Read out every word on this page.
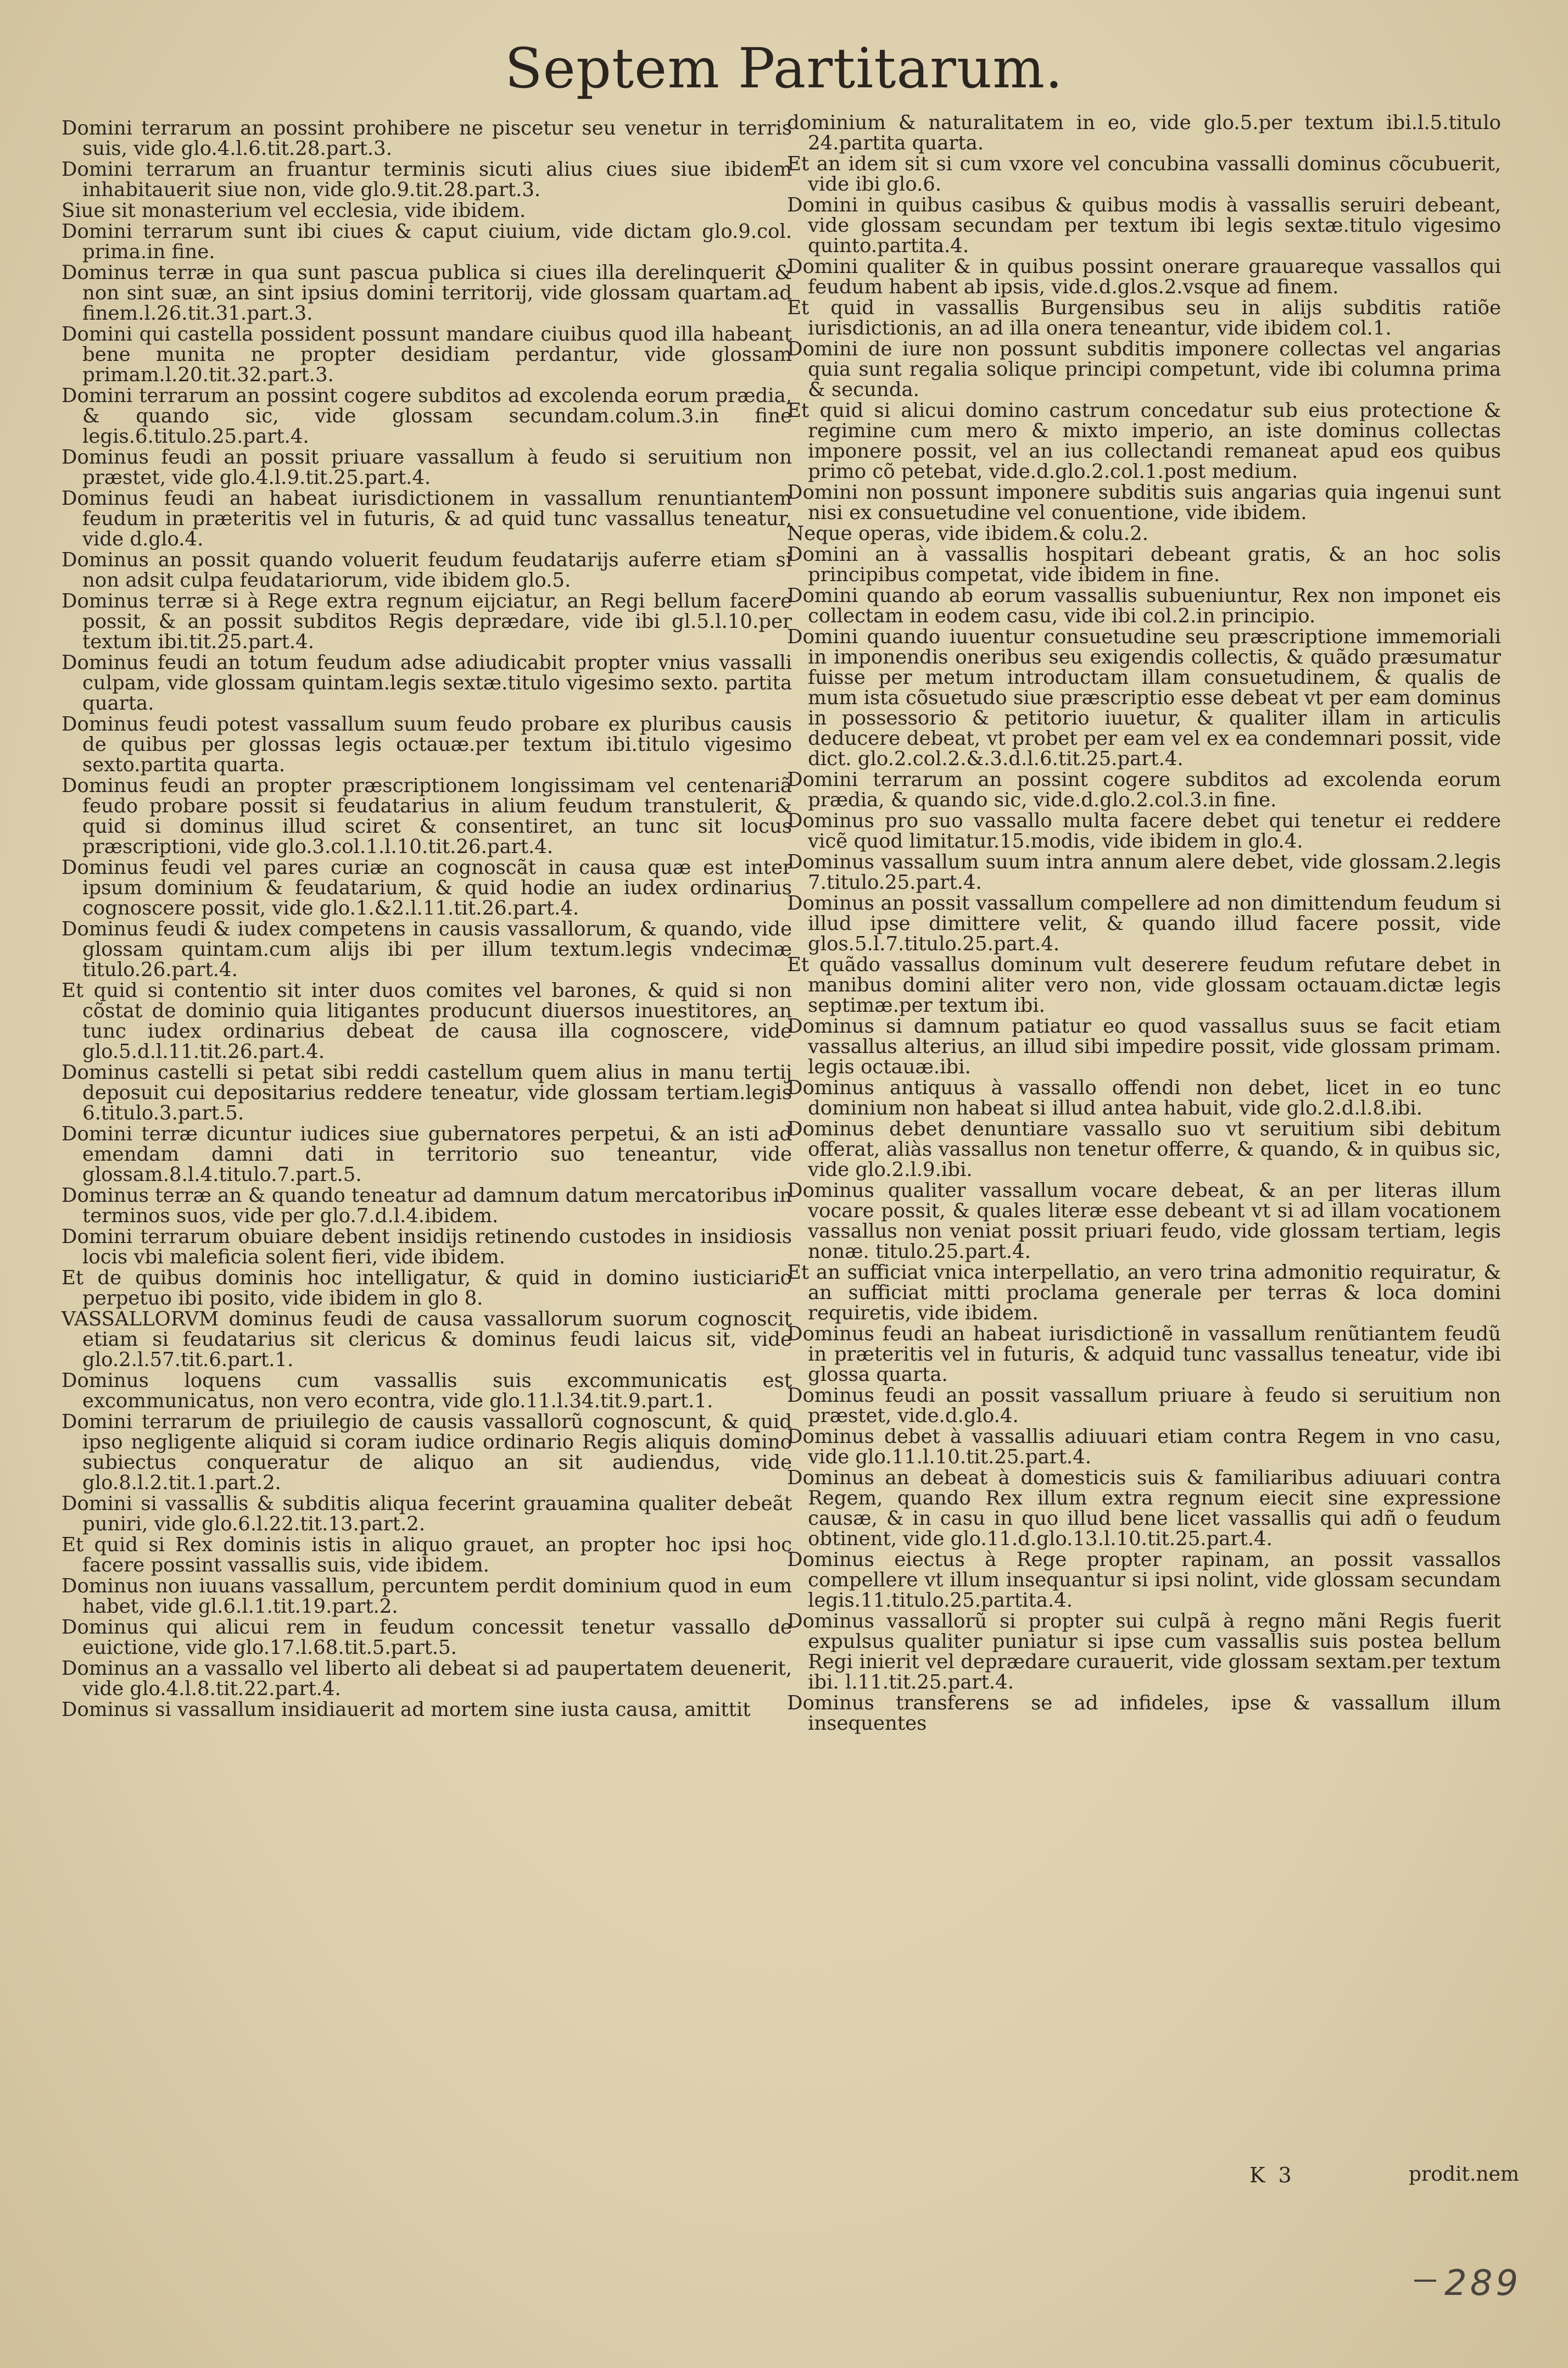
Septem Partitarum.
Domini terrarum an possint prohibere ne piscetur seu venetur in terris suis, vide glo.4.l.6.tit.28.part.3.
Domini terrarum an fruantur terminis sicuti alius ciues siue ibidem inhabitauerit siue non, vide glo.9.tit.28.part.3.
Siue sit monasterium vel ecclesia, vide ibidem.
Domini terrarum sunt ibi ciues & caput ciuium, vide dictam glo.9.col. prima.in fine.
Dominus terræ in qua sunt pascua publica si ciues illa derelinquerit & non sint suæ, an sint ipsius domini territorij, vide glossam quartam.ad finem.l.26.tit.31.part.3.
Domini qui castella possident possunt mandare ciuibus quod illa habeant bene munita ne propter desidiam perdantur, vide glossam primam.l.20.tit.32.part.3.
Domini terrarum an possint cogere subditos ad excolenda eorum prædia, & quando sic, vide glossam secundam.colum.3.in fine legis.6.titulo.25.part.4.
Dominus feudi an possit priuare vassallum à feudo si seruitium non præstet, vide glo.4.l.9.tit.25.part.4.
Dominus feudi an habeat iurisdictionem in vassallum renuntiantem feudum in præteritis vel in futuris, & ad quid tunc vassallus teneatur, vide d.glo.4.
Dominus an possit quando voluerit feudum feudatarijs auferre etiam si non adsit culpa feudatariorum, vide ibidem glo.5.
Dominus terræ si à Rege extra regnum eijciatur, an Regi bellum facere possit, & an possit subditos Regis deprædare, vide ibi gl.5.l.10.per textum ibi.tit.25.part.4.
Dominus feudi an totum feudum adse adiudicabit propter vnius vassalli culpam, vide glossam quintam.legis sextæ.titulo vigesimo sexto. partita quarta.
Dominus feudi potest vassallum suum feudo probare ex pluribus causis de quibus per glossas legis octauæ.per textum ibi.titulo vigesimo sexto.partita quarta.
Dominus feudi an propter præscriptionem longissimam vel centenariã feudo probare possit si feudatarius in alium feudum transtulerit, & quid si dominus illud sciret & consentiret, an tunc sit locus præscriptioni, vide glo.3.col.1.l.10.tit.26.part.4.
Dominus feudi vel pares curiæ an cognoscãt in causa quæ est inter ipsum dominium & feudatarium, & quid hodie an iudex ordinarius cognoscere possit, vide glo.1.&2.l.11.tit.26.part.4.
Dominus feudi & iudex competens in causis vassallorum, & quando, vide glossam quintam.cum alijs ibi per illum textum.legis vndecimæ titulo.26.part.4.
Et quid si contentio sit inter duos comites vel barones, & quid si non cõstat de dominio quia litigantes producunt diuersos inuestitores, an tunc iudex ordinarius debeat de causa illa cognoscere, vide glo.5.d.l.11.tit.26.part.4.
Dominus castelli si petat sibi reddi castellum quem alius in manu tertij deposuit cui depositarius reddere teneatur, vide glossam tertiam.legis 6.titulo.3.part.5.
Domini terræ dicuntur iudices siue gubernatores perpetui, & an isti ad emendam damni dati in territorio suo teneantur, vide glossam.8.l.4.titulo.7.part.5.
Dominus terræ an & quando teneatur ad damnum datum mercatoribus in terminos suos, vide per glo.7.d.l.4.ibidem.
Domini terrarum obuiare debent insidijs retinendo custodes in insidiosis locis vbi maleficia solent fieri, vide ibidem.
Et de quibus dominis hoc intelligatur, & quid in domino iusticiario perpetuo ibi posito, vide ibidem in glo 8.
VASSALLORVM dominus feudi de causa vassallorum suorum cognoscit etiam si feudatarius sit clericus & dominus feudi laicus sit, vide glo.2.l.57.tit.6.part.1.
Dominus loquens cum vassallis suis excommunicatis est excommunicatus, non vero econtra, vide glo.11.l.34.tit.9.part.1.
Domini terrarum de priuilegio de causis vassallorũ cognoscunt, & quid ipso negligente aliquid si coram iudice ordinario Regis aliquis domino subiectus conqueratur de aliquo an sit audiendus, vide glo.8.l.2.tit.1.part.2.
Domini si vassallis & subditis aliqua fecerint grauamina qualiter debeãt puniri, vide glo.6.l.22.tit.13.part.2.
Et quid si Rex dominis istis in aliquo grauet, an propter hoc ipsi hoc facere possint vassallis suis, vide ibidem.
Dominus non iuuans vassallum, percuntem perdit dominium quod in eum habet, vide gl.6.l.1.tit.19.part.2.
Dominus qui alicui rem in feudum concessit tenetur vassallo de euictione, vide glo.17.l.68.tit.5.part.5.
Dominus an a vassallo vel liberto ali debeat si ad paupertatem deuenerit, vide glo.4.l.8.tit.22.part.4.
Dominus si vassallum insidiauerit ad mortem sine iusta causa, amittit
dominium & naturalitatem in eo, vide glo.5.per textum ibi.l.5.titulo 24.partita quarta.
Et an idem sit si cum vxore vel concubina vassalli dominus cõcubuerit, vide ibi glo.6.
Domini in quibus casibus & quibus modis à vassallis seruiri debeant, vide glossam secundam per textum ibi legis sextæ.titulo vigesimo quinto.partita.4.
Domini qualiter & in quibus possint onerare grauareque vassallos qui feudum habent ab ipsis, vide.d.glos.2.vsque ad finem.
Et quid in vassallis Burgensibus seu in alijs subditis ratiõe iurisdictionis, an ad illa onera teneantur, vide ibidem col.1.
Domini de iure non possunt subditis imponere collectas vel angarias quia sunt regalia solique principi competunt, vide ibi columna prima & secunda.
Et quid si alicui domino castrum concedatur sub eius protectione & regimine cum mero & mixto imperio, an iste dominus collectas imponere possit, vel an ius collectandi remaneat apud eos quibus primo cõ petebat, vide.d.glo.2.col.1.post medium.
Domini non possunt imponere subditis suis angarias quia ingenui sunt nisi ex consuetudine vel conuentione, vide ibidem.
Neque operas, vide ibidem.& colu.2.
Domini an à vassallis hospitari debeant gratis, & an hoc solis principibus competat, vide ibidem in fine.
Domini quando ab eorum vassallis subueniuntur, Rex non imponet eis collectam in eodem casu, vide ibi col.2.in principio.
Domini quando iuuentur consuetudine seu præscriptione immemoriali in imponendis oneribus seu exigendis collectis, & quãdo præsumatur fuisse per metum introductam illam consuetudinem, & qualis de mum ista cõsuetudo siue præscriptio esse debeat vt per eam dominus in possessorio & petitorio iuuetur, & qualiter illam in articulis deducere debeat, vt probet per eam vel ex ea condemnari possit, vide dict. glo.2.col.2.&.3.d.l.6.tit.25.part.4.
Domini terrarum an possint cogere subditos ad excolenda eorum prædia, & quando sic, vide.d.glo.2.col.3.in fine.
Dominus pro suo vassallo multa facere debet qui tenetur ei reddere vicẽ quod limitatur.15.modis, vide ibidem in glo.4.
Dominus vassallum suum intra annum alere debet, vide glossam.2.legis 7.titulo.25.part.4.
Dominus an possit vassallum compellere ad non dimittendum feudum si illud ipse dimittere velit, & quando illud facere possit, vide glos.5.l.7.titulo.25.part.4.
Et quãdo vassallus dominum vult deserere feudum refutare debet in manibus domini aliter vero non, vide glossam octauam.dictæ legis septimæ.per textum ibi.
Dominus si damnum patiatur eo quod vassallus suus se facit etiam vassallus alterius, an illud sibi impedire possit, vide glossam primam. legis octauæ.ibi.
Dominus antiquus à vassallo offendi non debet, licet in eo tunc dominium non habeat si illud antea habuit, vide glo.2.d.l.8.ibi.
Dominus debet denuntiare vassallo suo vt seruitium sibi debitum offerat, aliàs vassallus non tenetur offerre, & quando, & in quibus sic, vide glo.2.l.9.ibi.
Dominus qualiter vassallum vocare debeat, & an per literas illum vocare possit, & quales literæ esse debeant vt si ad illam vocationem vassallus non veniat possit priuari feudo, vide glossam tertiam, legis nonæ. titulo.25.part.4.
Et an sufficiat vnica interpellatio, an vero trina admonitio requiratur, & an sufficiat mitti proclama generale per terras & loca domini requiretis, vide ibidem.
Dominus feudi an habeat iurisdictionẽ in vassallum renũtiantem feudũ in præteritis vel in futuris, & adquid tunc vassallus teneatur, vide ibi glossa quarta.
Dominus feudi an possit vassallum priuare à feudo si seruitium non præstet, vide.d.glo.4.
Dominus debet à vassallis adiuuari etiam contra Regem in vno casu, vide glo.11.l.10.tit.25.part.4.
Dominus an debeat à domesticis suis & familiaribus adiuuari contra Regem, quando Rex illum extra regnum eiecit sine expressione causæ, & in casu in quo illud bene licet vassallis qui adñ o feudum obtinent, vide glo.11.d.glo.13.l.10.tit.25.part.4.
Dominus eiectus à Rege propter rapinam, an possit vassallos compellere vt illum insequantur si ipsi nolint, vide glossam secundam legis.11.titulo.25.partita.4.
Dominus vassallorũ si propter sui culpã à regno mãni Regis fuerit expulsus qualiter puniatur si ipse cum vassallis suis postea bellum Regi inierit vel deprædare curauerit, vide glossam sextam.per textum ibi. l.11.tit.25.part.4.
Dominus transferens se ad infideles, ipse & vassallum illum insequentes
K 3	prodit.nem
289
